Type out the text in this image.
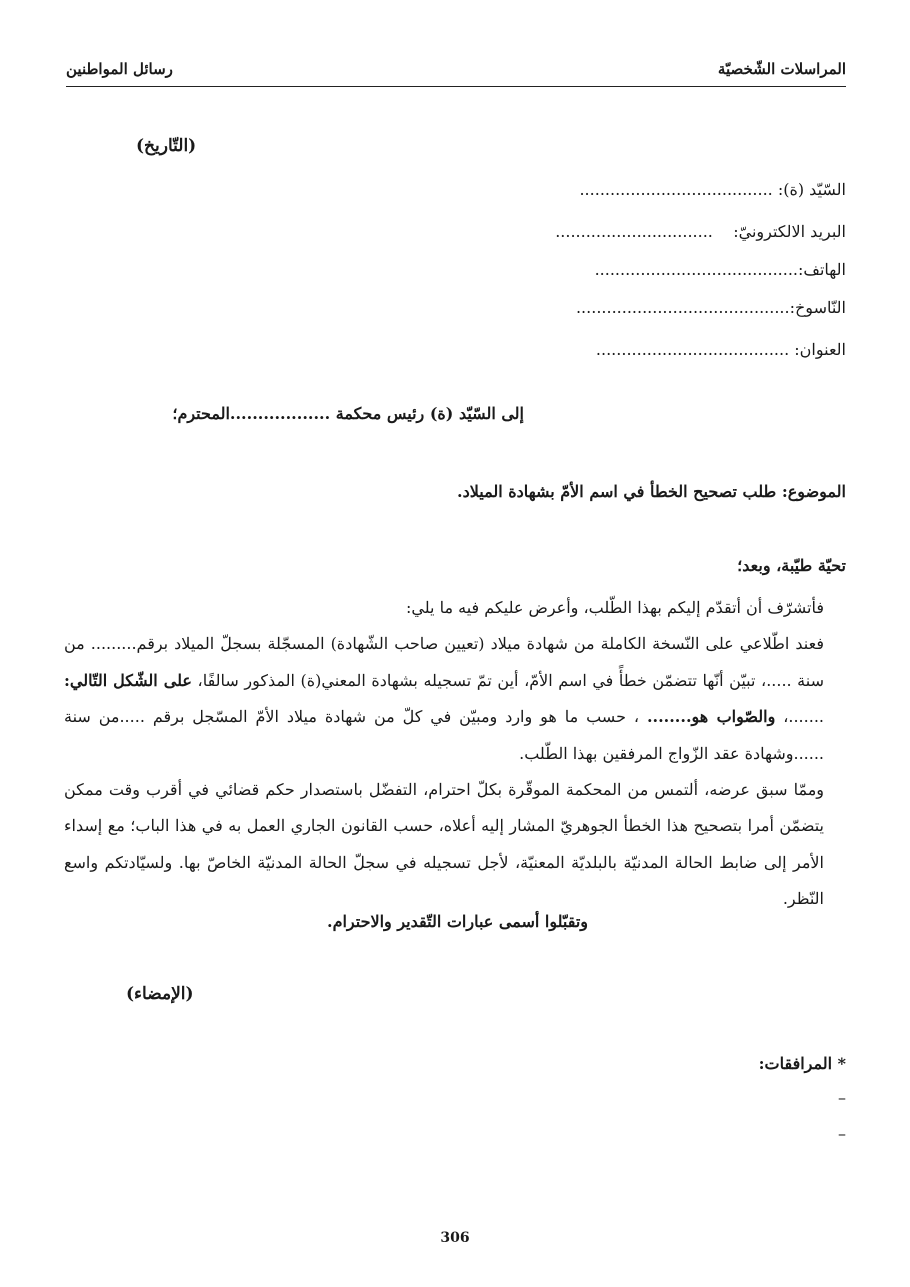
المراسلات الشّخصيّة
رسائل المواطنين
(التّاريخ)
السّيّد (ة): ......................................
البريد الالكترونيّ:    ...............................
الهاتف:........................................
النّاسوخ:..........................................
العنوان: ......................................
إلى السّيّد (ة) رئيس محكمة ..................المحترم؛
الموضوع: طلب تصحيح الخطأ في اسم الأمّ بشهادة الميلاد.
تحيّة طيّبة، وبعد؛

فأتشرّف أن أتقدّم إليكم بهذا الطّلب، وأعرض عليكم فيه ما يلي:

فعند اطّلاعي على النّسخة الكاملة من شهادة ميلاد (تعيين صاحب الشّهادة) المسجّلة بسجلّ الميلاد برقم......... من سنة .....، تبيّن أنّها تتضمّن خطأً في اسم الأمّ، أين تمّ تسجيله بشهادة المعني(ة) المذكور سالفًا، على الشّكل التّالي: .......، والصّواب هو........ ، حسب ما هو وارد ومبيّن في كلّ من شهادة ميلاد الأمّ المسّجل برقم .....من سنة ......وشهادة عقد الزّواج المرفقين بهذا الطّلب.

وممّا سبق عرضه، ألتمس من المحكمة الموقّرة بكلّ احترام، التفضّل باستصدار حكم قضائي في أقرب وقت ممكن يتضمّن أمرا بتصحيح هذا الخطأ الجوهريّ المشار إليه أعلاه، حسب القانون الجاري العمل به في هذا الباب؛ مع إسداء الأمر إلى ضابط الحالة المدنيّة بالبلديّة المعنيّة، لأجل تسجيله في سجلّ الحالة المدنيّة الخاصّ بها. ولسيّادتكم واسع النّظر.

وتقبّلوا أسمى عبارات التّقدير والاحترام.
(الإمضاء)
* المرافقات:
–
–
306
